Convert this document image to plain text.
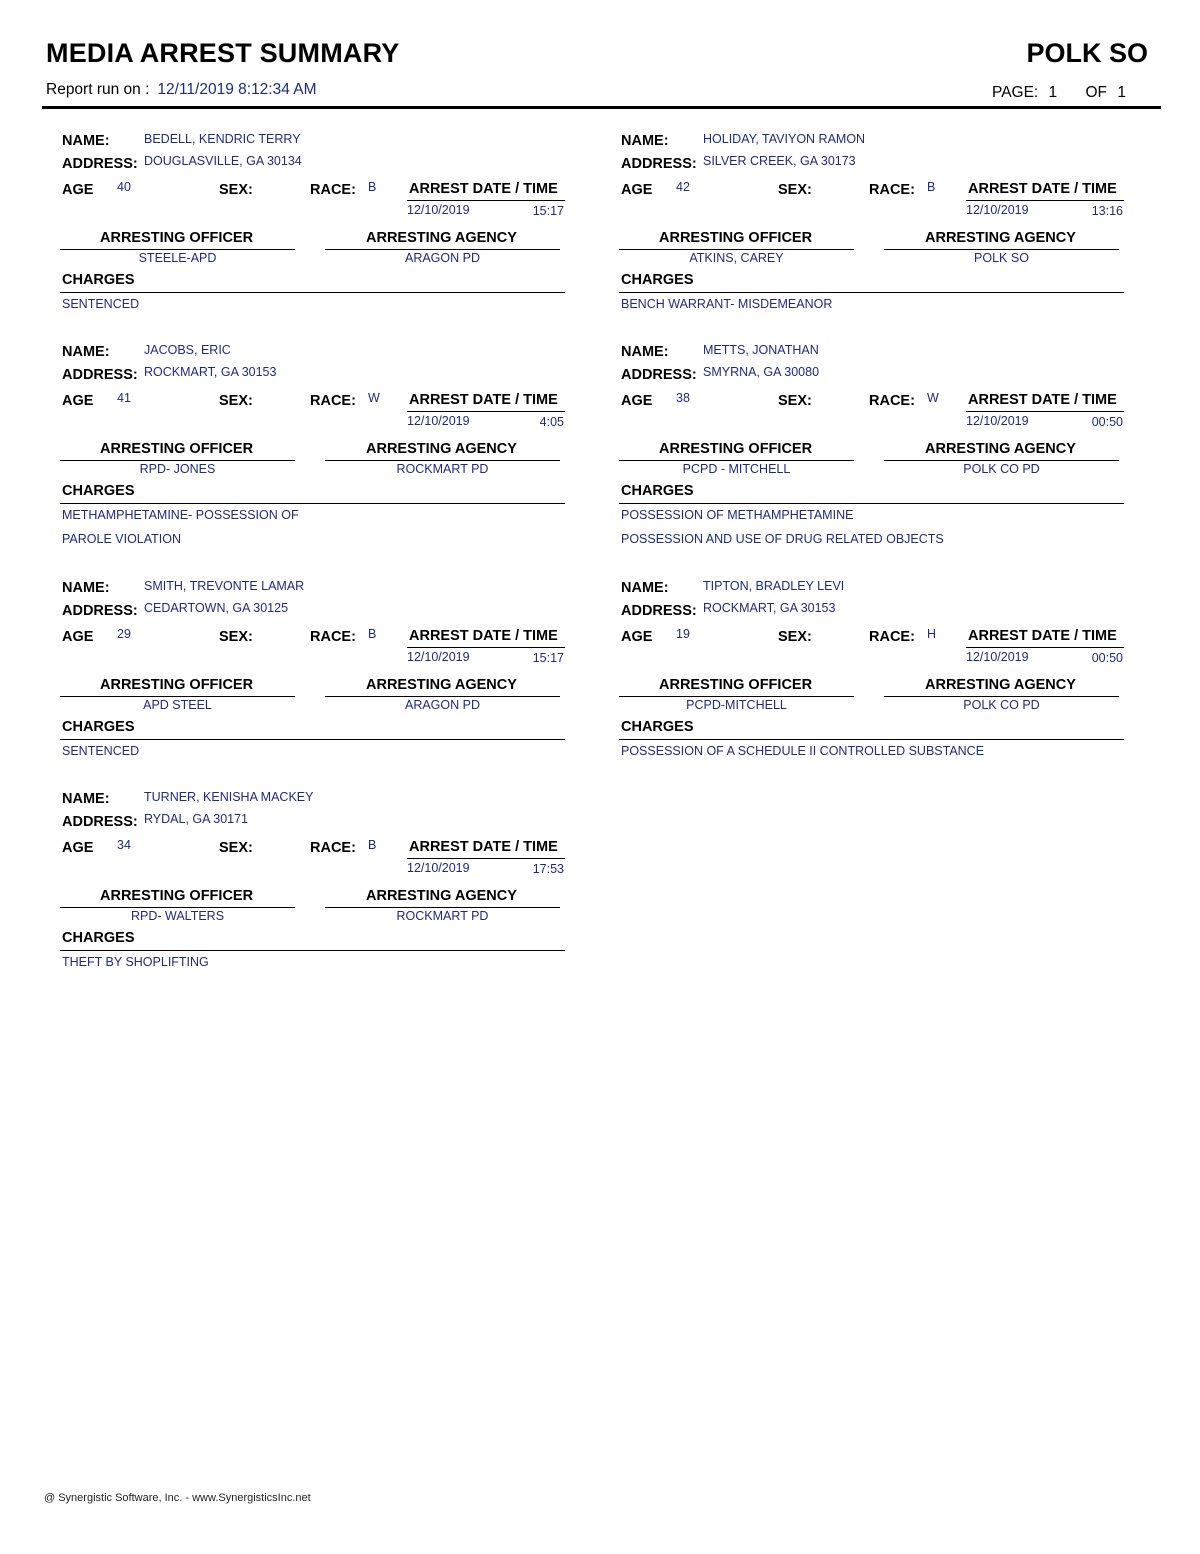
MEDIA ARREST SUMMARY	POLK SO
Report run on : 12/11/2019 8:12:34 AM	PAGE: 1 OF 1
NAME:	BEDELL, KENDRIC TERRY
ADDRESS: DOUGLASVILLE, GA 30134
AGE 40	SEX:	RACE: B ARREST DATE / TIME
12/10/2019	15:17
ARRESTING OFFICER
STEELE-APD
ARRESTING AGENCY
ARAGON PD
CHARGES
SENTENCED
NAME:	HOLIDAY, TAVIYON RAMON
ADDRESS: SILVER CREEK, GA 30173
AGE 42	SEX:	RACE: B ARREST DATE / TIME
12/10/2019	13:16
ARRESTING OFFICER
ATKINS, CAREY
ARRESTING AGENCY
POLK SO
CHARGES
BENCH WARRANT- MISDEMEANOR
NAME:	JACOBS, ERIC
ADDRESS: ROCKMART, GA 30153
AGE 41	SEX:	RACE: W ARREST DATE / TIME
12/10/2019	4:05
ARRESTING OFFICER
RPD- JONES
ARRESTING AGENCY
ROCKMART PD
CHARGES
METHAMPHETAMINE- POSSESSION OF
PAROLE VIOLATION
NAME:	METTS, JONATHAN
ADDRESS: SMYRNA, GA 30080
AGE 38	SEX:	RACE: W ARREST DATE / TIME
12/10/2019	00:50
ARRESTING OFFICER
PCPD - MITCHELL
ARRESTING AGENCY
POLK CO PD
CHARGES
POSSESSION OF METHAMPHETAMINE
POSSESSION AND USE OF DRUG RELATED OBJECTS
NAME:	SMITH, TREVONTE LAMAR
ADDRESS: CEDARTOWN, GA 30125
AGE 29	SEX:	RACE: B ARREST DATE / TIME
12/10/2019	15:17
ARRESTING OFFICER
APD STEEL
ARRESTING AGENCY
ARAGON PD
CHARGES
SENTENCED
NAME:	TIPTON, BRADLEY LEVI
ADDRESS: ROCKMART, GA 30153
AGE 19	SEX:	RACE: H ARREST DATE / TIME
12/10/2019	00:50
ARRESTING OFFICER
PCPD-MITCHELL
ARRESTING AGENCY
POLK CO PD
CHARGES
POSSESSION OF A SCHEDULE II CONTROLLED SUBSTANCE
NAME:	TURNER, KENISHA MACKEY
ADDRESS: RYDAL, GA 30171
AGE 34	SEX:	RACE: B ARREST DATE / TIME
12/10/2019	17:53
ARRESTING OFFICER
RPD- WALTERS
ARRESTING AGENCY
ROCKMART PD
CHARGES
THEFT BY SHOPLIFTING
@ Synergistic Software, Inc. - www.SynergisticsInc.net
